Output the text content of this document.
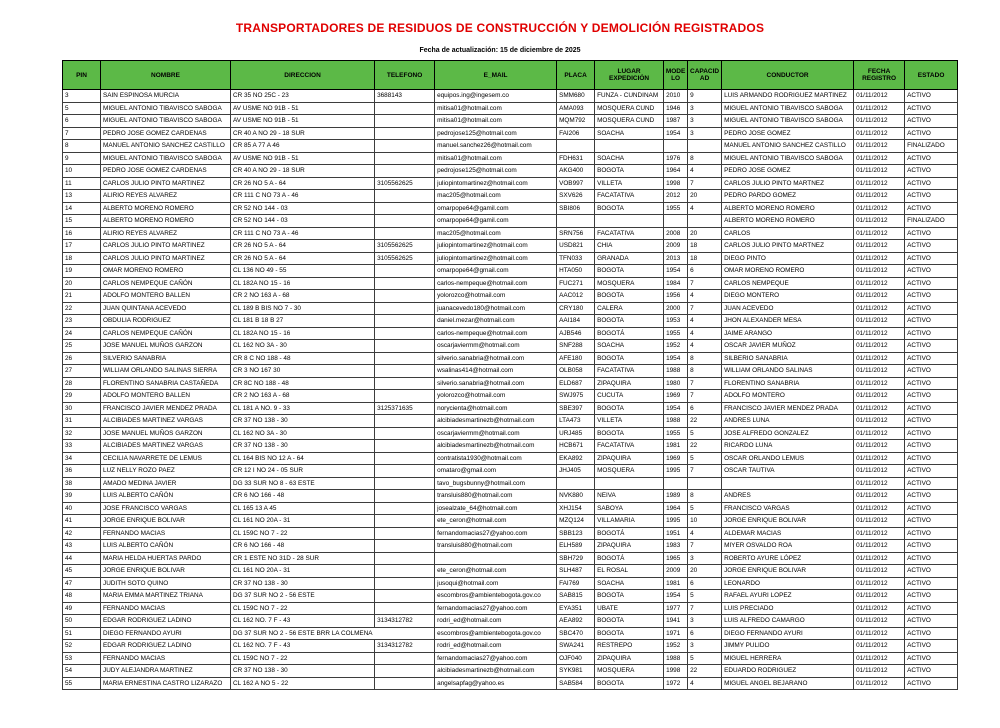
TRANSPORTADORES DE RESIDUOS DE CONSTRUCCIÓN Y DEMOLICIÓN REGISTRADOS
Fecha de actualización: 15 de diciembre de 2025
PIN	NOMBRE	DIRECCION	TELEFONO	E_MAIL	PLACA	LUGAR EXPEDICIÓN	MODELO	CAPACIDAD	CONDUCTOR	FECHA REGISTRO	ESTADO
3	SAIN ESPINOSA MURCIA	CR 35 NO 25C - 23	3688143	equipos.ing@ingesem.co	SMM680	FUNZA - CUNDINAM	2010	9	LUIS ARMANDO RODRIGUEZ MARTINEZ	01/11/2012	ACTIVO
5	MIGUEL ANTONIO TIBAVISCO SABOGA	AV USME NO 91B - 51		mitisa01@hotmail.com	AMA093	MOSQUERA CUND	1946	3	MIGUEL ANTONIO TIBAVISCO SABOGA	01/11/2012	ACTIVO
6	MIGUEL ANTONIO TIBAVISCO SABOGA	AV USME NO 91B - 51		mitisa01@hotmail.com	MQM792	MOSQUERA CUND	1987	3	MIGUEL ANTONIO TIBAVISCO SABOGA	01/11/2012	ACTIVO
7	PEDRO JOSE GOMEZ CARDENAS	CR 40 A NO 29 - 18 SUR		pedrojose125@hotmail.com	FAI206	SOACHA	1954	3	PEDRO JOSE GOMEZ	01/11/2012	ACTIVO
8	MANUEL ANTONIO SANCHEZ CASTILLO	CR 85 A 77 A 46		manuel.sanchez26@hotmail.com					MANUEL ANTONIO SANCHEZ CASTILLO	01/11/2012	FINALIZADO
9	MIGUEL ANTONIO TIBAVISCO SABOGA	AV USME NO 91B - 51		mitisa01@hotmail.com	FDH631	SOACHA	1976	8	MIGUEL ANTONIO TIBAVISCO SABOGA	01/11/2012	ACTIVO
10	PEDRO JOSE GOMEZ CARDENAS	CR 40 A NO 29 - 18 SUR		pedrojose125@hotmail.com	AKG400	BOGOTA	1964	4	PEDRO JOSE GOMEZ	01/11/2012	ACTIVO
11	CARLOS JULIO PINTO MARTINEZ	CR 26 NO 5 A - 64	3105562625	juliopintomartinez@hotmail.com	VOB997	VILLETA	1998	7	CARLOS JULIO PINTO MARTNEZ	01/11/2012	ACTIVO
13	ALIRIO REYES ALVAREZ	CR 111 C NO 73 A - 46		mac205@hotmail.com	SXV626	FACATATIVA	2012	20	PEDRO PARDO GOMEZ	01/11/2012	ACTIVO
14	ALBERTO MORENO ROMERO	CR 52 NO 144 - 03		omarpope64@gamil.com	SBI806	BOGOTA	1955	4	ALBERTO MORENO ROMERO	01/11/2012	ACTIVO
15	ALBERTO MORENO ROMERO	CR 52 NO 144 - 03		omarpope64@gamil.com					ALBERTO MORENO ROMERO	01/11/2012	FINALIZADO
16	ALIRIO REYES ALVAREZ	CR 111 C NO 73 A - 46		mac205@hotmail.com	SRN756	FACATATIVA	2008	20	CARLOS	01/11/2012	ACTIVO
17	CARLOS JULIO PINTO MARTINEZ	CR 26 NO 5 A - 64	3105562625	juliopintomartinez@hotmail.com	USD821	CHIA	2009	18	CARLOS JULIO PINTO MARTNEZ	01/11/2012	ACTIVO
18	CARLOS JULIO PINTO MARTINEZ	CR 26 NO 5 A - 64	3105562625	juliopintomartinez@hotmail.com	TFN033	GRANADA	2013	18	DIEGO PINTO	01/11/2012	ACTIVO
19	OMAR MORENO ROMERO	CL 136 NO 49 - 55		omarpope64@gmail.com	HTA050	BOGOTA	1954	6	OMAR MORENO ROMERO	01/11/2012	ACTIVO
20	CARLOS NEMPEQUE CAÑÓN	CL 182A NO 15 - 16		carlos-nempeque@hotmail.com	FUC271	MOSQUERA	1984	7	CARLOS NEMPEQUE	01/11/2012	ACTIVO
21	ADOLFO MONTERO BALLEN	CR 2 NO 163 A - 68		yolorozco@hotmail.com	AAC012	BOGOTA	1956	4	DIEGO MONTERO	01/11/2012	ACTIVO
22	JUAN QUINTANA ACEVEDO	CL 189 B BIS NO 7 - 30		juanacevedo180@hotmail.com	CRY180	CALERA	2000	7	JUAN ACEVEDO	01/11/2012	ACTIVO
23	OBDULIA RODRIGUEZ	CL 181 B 18 B 27		daniel.mezar@hotmail.com	AAI184	BOGOTA	1953	4	JHON ALEXANDER MESA	01/11/2012	ACTIVO
24	CARLOS NEMPEQUE CAÑÓN	CL 182A NO 15 - 16		carlos-nempeque@hotmail.com	AJB546	BOGOTÁ	1955	4	JAIME ARANGO	01/11/2012	ACTIVO
25	JOSE MANUEL MUÑOS GARZON	CL 162 NO 3A - 30		oscarjaviermm@hotmail.com	SNF288	SOACHA	1952	4	OSCAR JAVIER MUÑOZ	01/11/2012	ACTIVO
26	SILVERIO SANABRIA	CR 8 C NO 188 - 48		silverio.sanabria@hotmail.com	AFE180	BOGOTA	1954	8	SILBERIO SANABRIA	01/11/2012	ACTIVO
27	WILLIAM ORLANDO SALINAS SIERRA	CR 3 NO 167 30		wsalinas414@hotmail.com	OLB058	FACATATIVA	1988	8	WILLIAM ORLANDO SALINAS	01/11/2012	ACTIVO
28	FLORENTINO SANABRIA CASTAÑEDA	CR 8C NO 188 - 48		silverio.sanabria@hotmail.com	ELD687	ZIPAQUIRA	1980	7	FLORENTINO SANABRIA	01/11/2012	ACTIVO
29	ADOLFO MONTERO BALLEN	CR 2 NO 163 A - 68		yolorozco@hotmail.com	SWJ975	CUCUTA	1969	7	ADOLFO MONTERO	01/11/2012	ACTIVO
30	FRANCISCO JAVIER MENDEZ PRADA	CL 181 A NO. 9 - 33	3125371635	norycienta@hotmail.com	SBE397	BOGOTA	1954	6	FRANCISCO JAVIER MENDEZ PRADA	01/11/2012	ACTIVO
31	ALCIBIADES MARTINEZ VARGAS	CR 37 NO 138 - 30		alcibiadesmartinezb@hotmail.com	LTA473	VILLETA	1988	22	ANDRES LUNA	01/11/2012	ACTIVO
32	JOSE MANUEL MUÑOS GARZON	CL 162 NO 3A - 30		oscarjaviermm@hotmail.com	URJ485	BOGOTA	1955	5	JOSE ALFREDO GONZALEZ	01/11/2012	ACTIVO
33	ALCIBIADES MARTINEZ VARGAS	CR 37 NO 138 - 30		alcibiadesmartinezb@hotmail.com	HCB671	FACATATIVA	1981	22	RICARDO LUNA	01/11/2012	ACTIVO
34	CECILIA NAVARRETE DE LEMUS	CL 164 BIS NO 12 A - 64		contratista1930@hotmail.com	EKA892	ZIPAQUIRA	1969	5	OSCAR ORLANDO LEMUS	01/11/2012	ACTIVO
36	LUZ NELLY ROZO PAEZ	CR 12 I NO 24 - 05 SUR		omataro@gmail.com	JHJ405	MOSQUERA	1995	7	OSCAR TAUTIVA	01/11/2012	ACTIVO
38	AMADO MEDINA JAVIER	DG 33 SUR NO 8 - 63 ESTE		tavo_bugsbunny@hotmail.com						01/11/2012	ACTIVO
39	LUIS ALBERTO CAÑÓN	CR 6 NO 166 - 48		transluis880@hotmail.com	NVK880	NEIVA	1989	8	ANDRES	01/11/2012	ACTIVO
40	JOSE FRANCISCO VARGAS	CL 165 13 A 45		josealzate_64@hotmail.com	XHJ154	SABOYA	1964	5	FRANCISCO VARGAS	01/11/2012	ACTIVO
41	JORGE ENRIQUE BOLIVAR	CL 161 NO 20A - 31		ete_ceron@hotmail.com	MZQ124	VILLAMARIA	1995	10	JORGE ENRIQUE BOLIVAR	01/11/2012	ACTIVO
42	FERNANDO MACIAS	CL 159C NO 7 - 22		fernandomacias27@yahoo.com	SBB123	BOGOTÁ	1951	4	ALDEMAR MACIAS	01/11/2012	ACTIVO
43	LUIS ALBERTO CAÑÓN	CR 6 NO 166 - 48		transluis880@hotmail.com	ELH589	ZIPAQUIRA	1983	7	MIYER OSVALDO ROA	01/11/2012	ACTIVO
44	MARIA HELDA HUERTAS PARDO	CR 1 ESTE NO 31D - 28 SUR			SBH729	BOGOTÁ	1965	3	ROBERTO AYURE LÓPEZ	01/11/2012	ACTIVO
45	JORGE ENRIQUE BOLIVAR	CL 161 NO 20A - 31		ete_ceron@hotmail.com	SLH487	EL ROSAL	2009	20	JORGE ENRIQUE BOLIVAR	01/11/2012	ACTIVO
47	JUDITH SOTO QUINO	CR 37 NO 138 - 30		jusoqui@hotmail.com	FAI769	SOACHA	1981	6	LEONARDO	01/11/2012	ACTIVO
48	MARIA EMMA MARTINEZ TRIANA	DG 37 SUR NO 2 - 56 ESTE		escombros@ambientebogota.gov.co	SAB815	BOGOTA	1954	5	RAFAEL AYURI LOPEZ	01/11/2012	ACTIVO
49	FERNANDO MACIAS	CL 159C NO 7 - 22		fernandomacias27@yahoo.com	EYA351	UBATE	1977	7	LUIS PRECIADO	01/11/2012	ACTIVO
50	EDGAR RODRIGUEZ LADINO	CL 162 NO. 7 F - 43	3134312782	rodri_ed@hotmail.com	AEA892	BOGOTA	1941	3	LUIS ALFREDO CAMARGO	01/11/2012	ACTIVO
51	DIEGO FERNANDO AYURI	DG 37 SUR NO 2 - 56 ESTE BRR LA COLMENA		escombros@ambientebogota.gov.co	SBC470	BOGOTA	1971	6	DIEGO FERNANDO AYURI	01/11/2012	ACTIVO
52	EDGAR RODRIGUEZ LADINO	CL 162 NO. 7 F - 43	3134312782	rodri_ed@hotmail.com	SWA241	RESTREPO	1952	3	JIMMY PULIDO	01/11/2012	ACTIVO
53	FERNANDO MACIAS	CL 159C NO 7 - 22		fernandomacias27@yahoo.com	OJF040	ZIPAQUIRA	1988	5	MIGUEL HERRERA	01/11/2012	ACTIVO
54	JUDY ALEJANDRA MARTINEZ	CR 37 NO 138 - 30		alcibiadesmartinezb@hotmail.com	SYK981	MOSQUERA	1998	22	EDUARDO RODRIGUEZ	01/11/2012	ACTIVO
55	MARIA ERNESTINA CASTRO LIZARAZO	CL 162 A NO 5 - 22		angelsapfag@yahoo.es	SAB584	BOGOTA	1972	4	MIGUEL ANGEL BEJARANO	01/11/2012	ACTIVO
